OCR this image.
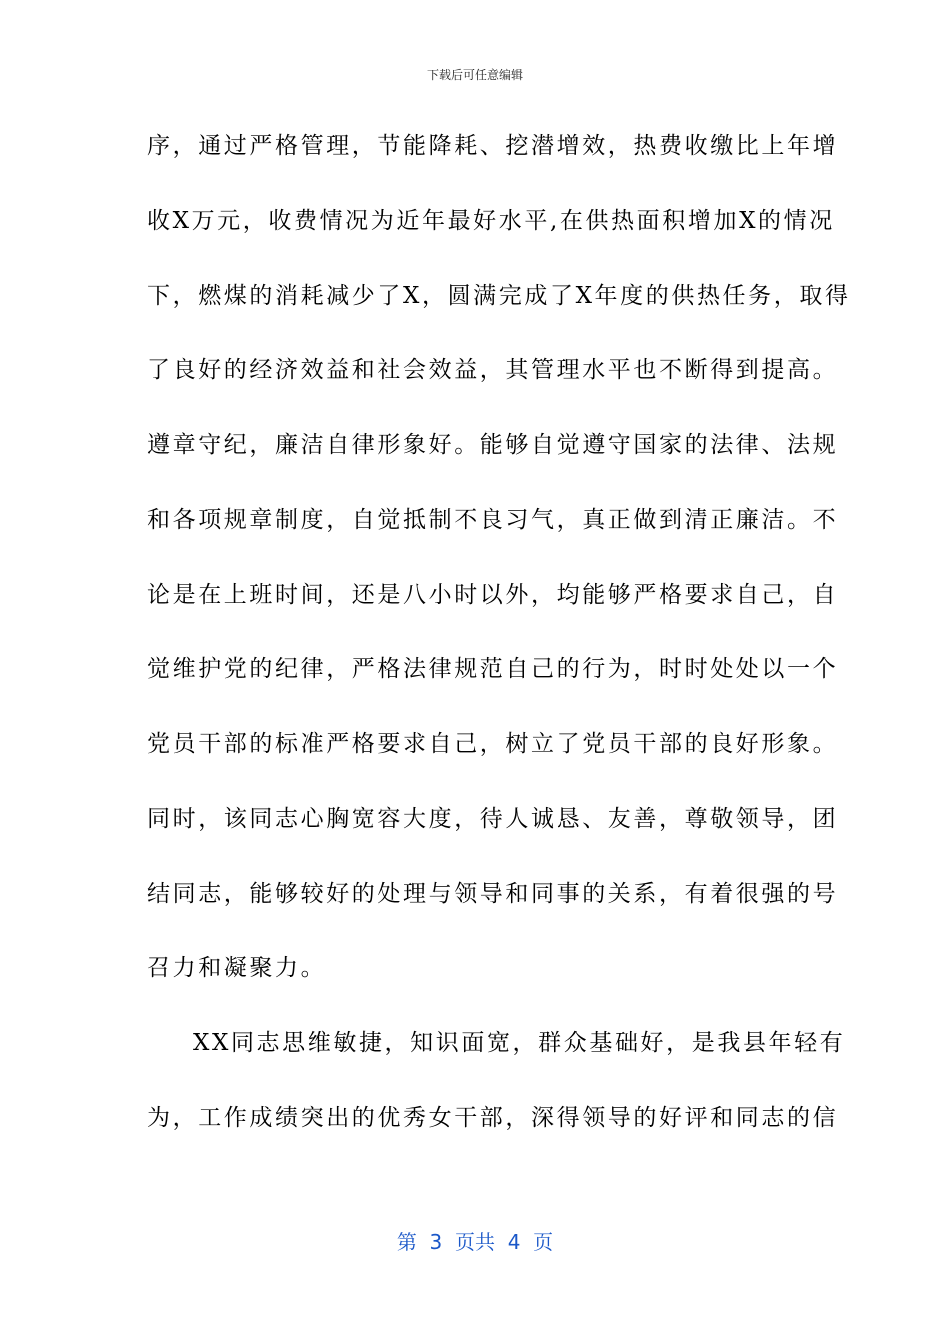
下载后可任意编辑
序，通过严格管理，节能降耗、挖潜增效，热费收缴比上年增
收X万元，收费情况为近年最好水平,在供热面积增加X的情况
下，燃煤的消耗减少了X，圆满完成了X年度的供热任务，取得
了良好的经济效益和社会效益，其管理水平也不断得到提高。
遵章守纪，廉洁自律形象好。能够自觉遵守国家的法律、法规
和各项规章制度，自觉抵制不良习气，真正做到清正廉洁。不
论是在上班时间，还是八小时以外，均能够严格要求自己，自
觉维护党的纪律，严格法律规范自己的行为，时时处处以一个
党员干部的标准严格要求自己，树立了党员干部的良好形象。
同时，该同志心胸宽容大度，待人诚恳、友善，尊敬领导，团
结同志，能够较好的处理与领导和同事的关系，有着很强的号
召力和凝聚力。
XX同志思维敏捷，知识面宽，群众基础好，是我县年轻有
为，工作成绩突出的优秀女干部，深得领导的好评和同志的信
第  3  页共  4  页
